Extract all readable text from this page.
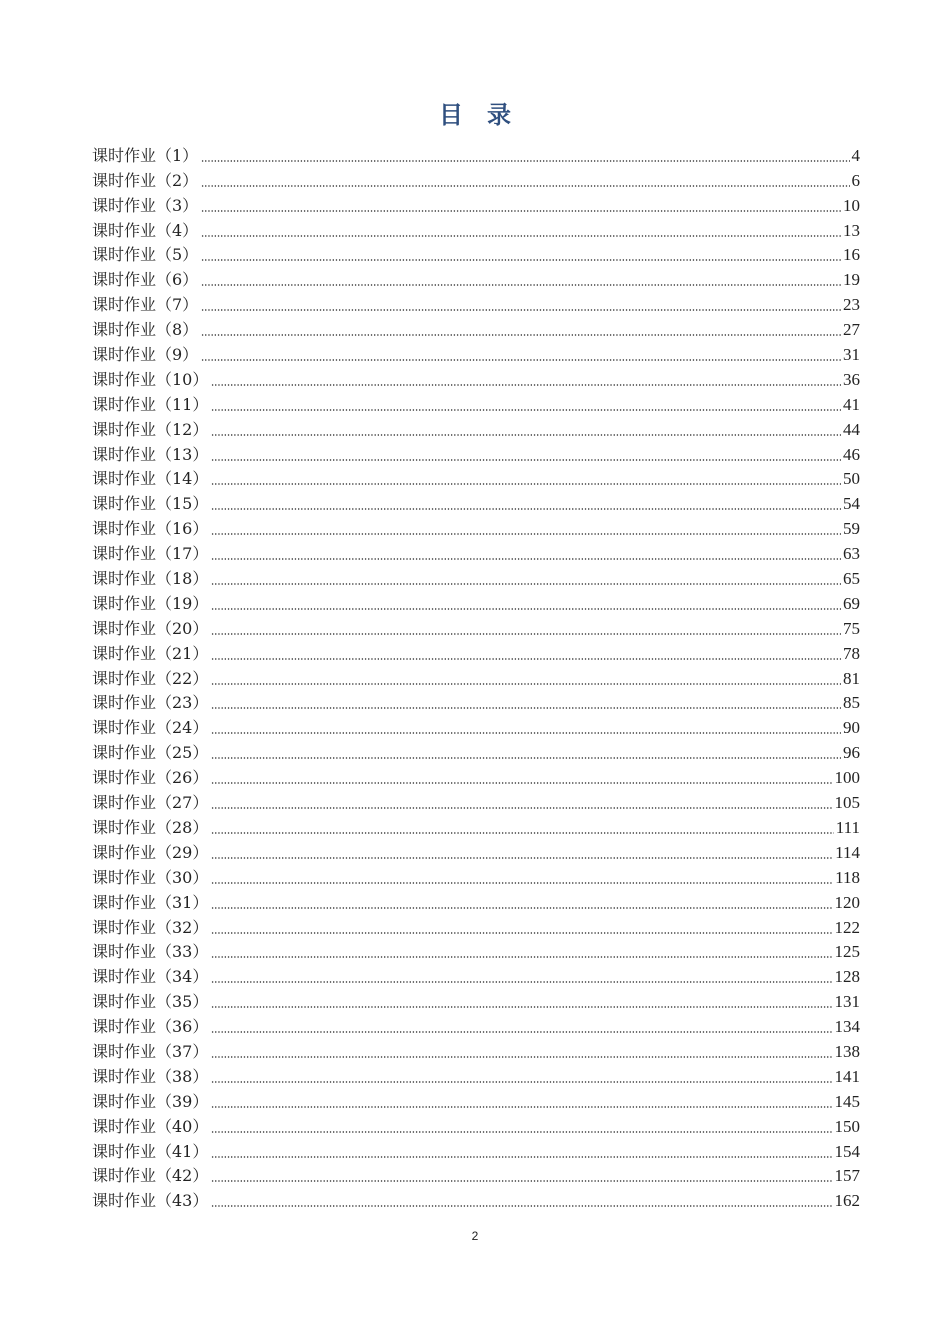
目 录
课时作业（1）	4
课时作业（2）	6
课时作业（3）	10
课时作业（4）	13
课时作业（5）	16
课时作业（6）	19
课时作业（7）	23
课时作业（8）	27
课时作业（9）	31
课时作业（10）	36
课时作业（11）	41
课时作业（12）	44
课时作业（13）	46
课时作业（14）	50
课时作业（15）	54
课时作业（16）	59
课时作业（17）	63
课时作业（18）	65
课时作业（19）	69
课时作业（20）	75
课时作业（21）	78
课时作业（22）	81
课时作业（23）	85
课时作业（24）	90
课时作业（25）	96
课时作业（26）	100
课时作业（27）	105
课时作业（28）	111
课时作业（29）	114
课时作业（30）	118
课时作业（31）	120
课时作业（32）	122
课时作业（33）	125
课时作业（34）	128
课时作业（35）	131
课时作业（36）	134
课时作业（37）	138
课时作业（38）	141
课时作业（39）	145
课时作业（40）	150
课时作业（41）	154
课时作业（42）	157
课时作业（43）	162
2
